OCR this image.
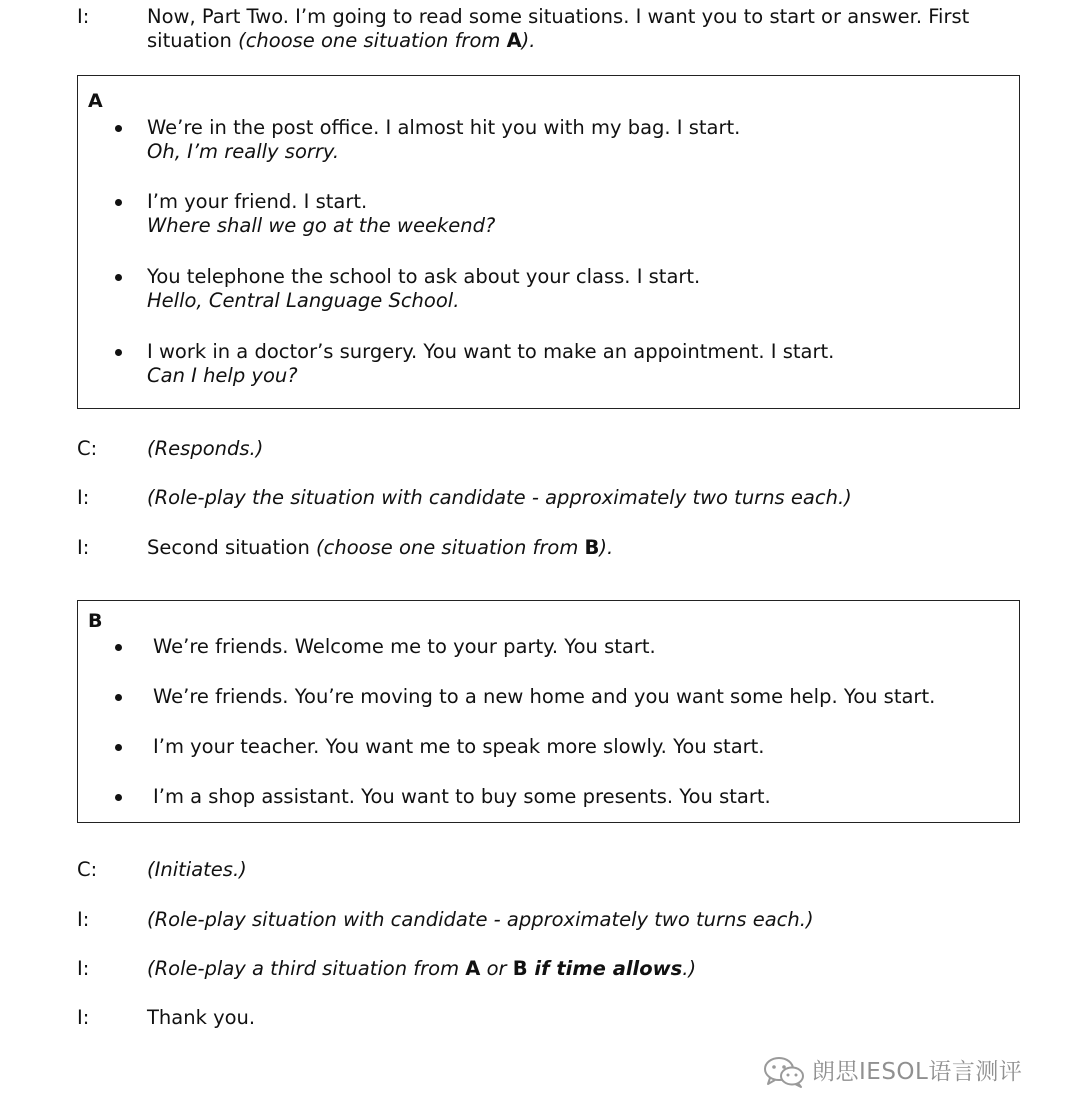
I:	Now, Part Two. I’m going to read some situations. I want you to start or answer. First
situation (choose one situation from A).
A
We’re in the post office. I almost hit you with my bag. I start.
Oh, I’m really sorry.
I’m your friend. I start.
Where shall we go at the weekend?
You telephone the school to ask about your class. I start.
Hello, Central Language School.
I work in a doctor’s surgery. You want to make an appointment. I start.
Can I help you?
C:	(Responds.)
I:	(Role-play the situation with candidate - approximately two turns each.)
I:	Second situation (choose one situation from B).
B
We’re friends. Welcome me to your party. You start.
We’re friends. You’re moving to a new home and you want some help. You start.
I’m your teacher. You want me to speak more slowly. You start.
I’m a shop assistant. You want to buy some presents. You start.
C:	(Initiates.)
I:	(Role-play situation with candidate - approximately two turns each.)
I:	(Role-play a third situation from A or B if time allows.)
I:	Thank you.
朗思IESOL语言测评
